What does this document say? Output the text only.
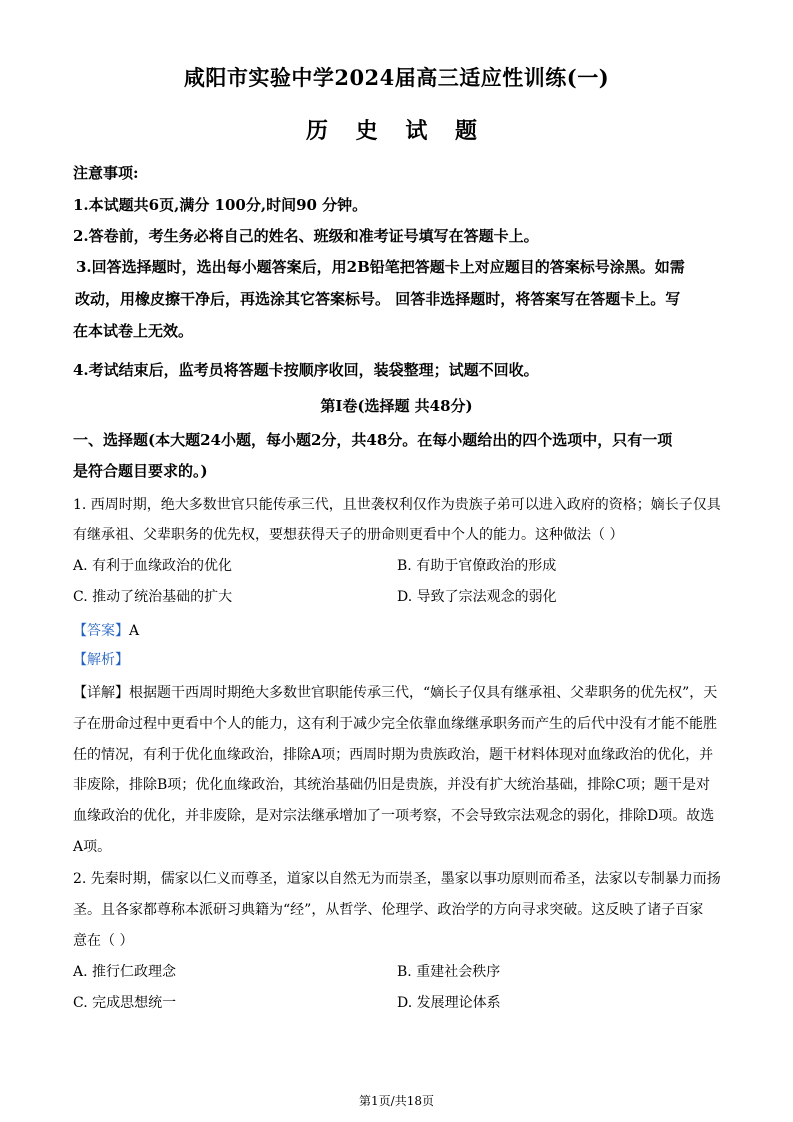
咸阳市实验中学2024届高三适应性训练(一)
历 史 试 题
注意事项:
1.本试题共6页,满分 100分,时间90 分钟。
2.答卷前，考生务必将自己的姓名、班级和准考证号填写在答题卡上。
3.回答选择题时，选出每小题答案后，用2B铅笔把答题卡上对应题目的答案标号涂黑。如需
改动，用橡皮擦干净后，再选涂其它答案标号。 回答非选择题时，将答案写在答题卡上。写
在本试卷上无效。
4.考试结束后，监考员将答题卡按顺序收回，装袋整理；试题不回收。
第Ⅰ卷(选择题 共48分)
一、选择题(本大题24小题，每小题2分，共48分。在每小题给出的四个选项中，只有一项
是符合题目要求的。)
1. 西周时期，绝大多数世官只能传承三代，且世袭权利仅作为贵族子弟可以进入政府的资格；嫡长子仅具
有继承祖、父辈职务的优先权，要想获得天子的册命则更看中个人的能力。这种做法（ ）
A. 有利于血缘政治的优化	B. 有助于官僚政治的形成
C. 推动了统治基础的扩大	D. 导致了宗法观念的弱化
【答案】A
【解析】
【详解】根据题干西周时期绝大多数世官职能传承三代，“嫡长子仅具有继承祖、父辈职务的优先权”，天
子在册命过程中更看中个人的能力，这有利于减少完全依靠血缘继承职务而产生的后代中没有才能不能胜
任的情况，有利于优化血缘政治，排除A项；西周时期为贵族政治，题干材料体现对血缘政治的优化，并
非废除，排除B项；优化血缘政治，其统治基础仍旧是贵族，并没有扩大统治基础，排除C项；题干是对
血缘政治的优化，并非废除，是对宗法继承增加了一项考察，不会导致宗法观念的弱化，排除D项。故选
A项。
2. 先秦时期，儒家以仁义而尊圣，道家以自然无为而崇圣，墨家以事功原则而希圣，法家以专制暴力而扬
圣。且各家都尊称本派研习典籍为“经”，从哲学、伦理学、政治学的方向寻求突破。这反映了诸子百家
意在（ ）
A. 推行仁政理念	B. 重建社会秩序
C. 完成思想统一	D. 发展理论体系
第1页/共18页
